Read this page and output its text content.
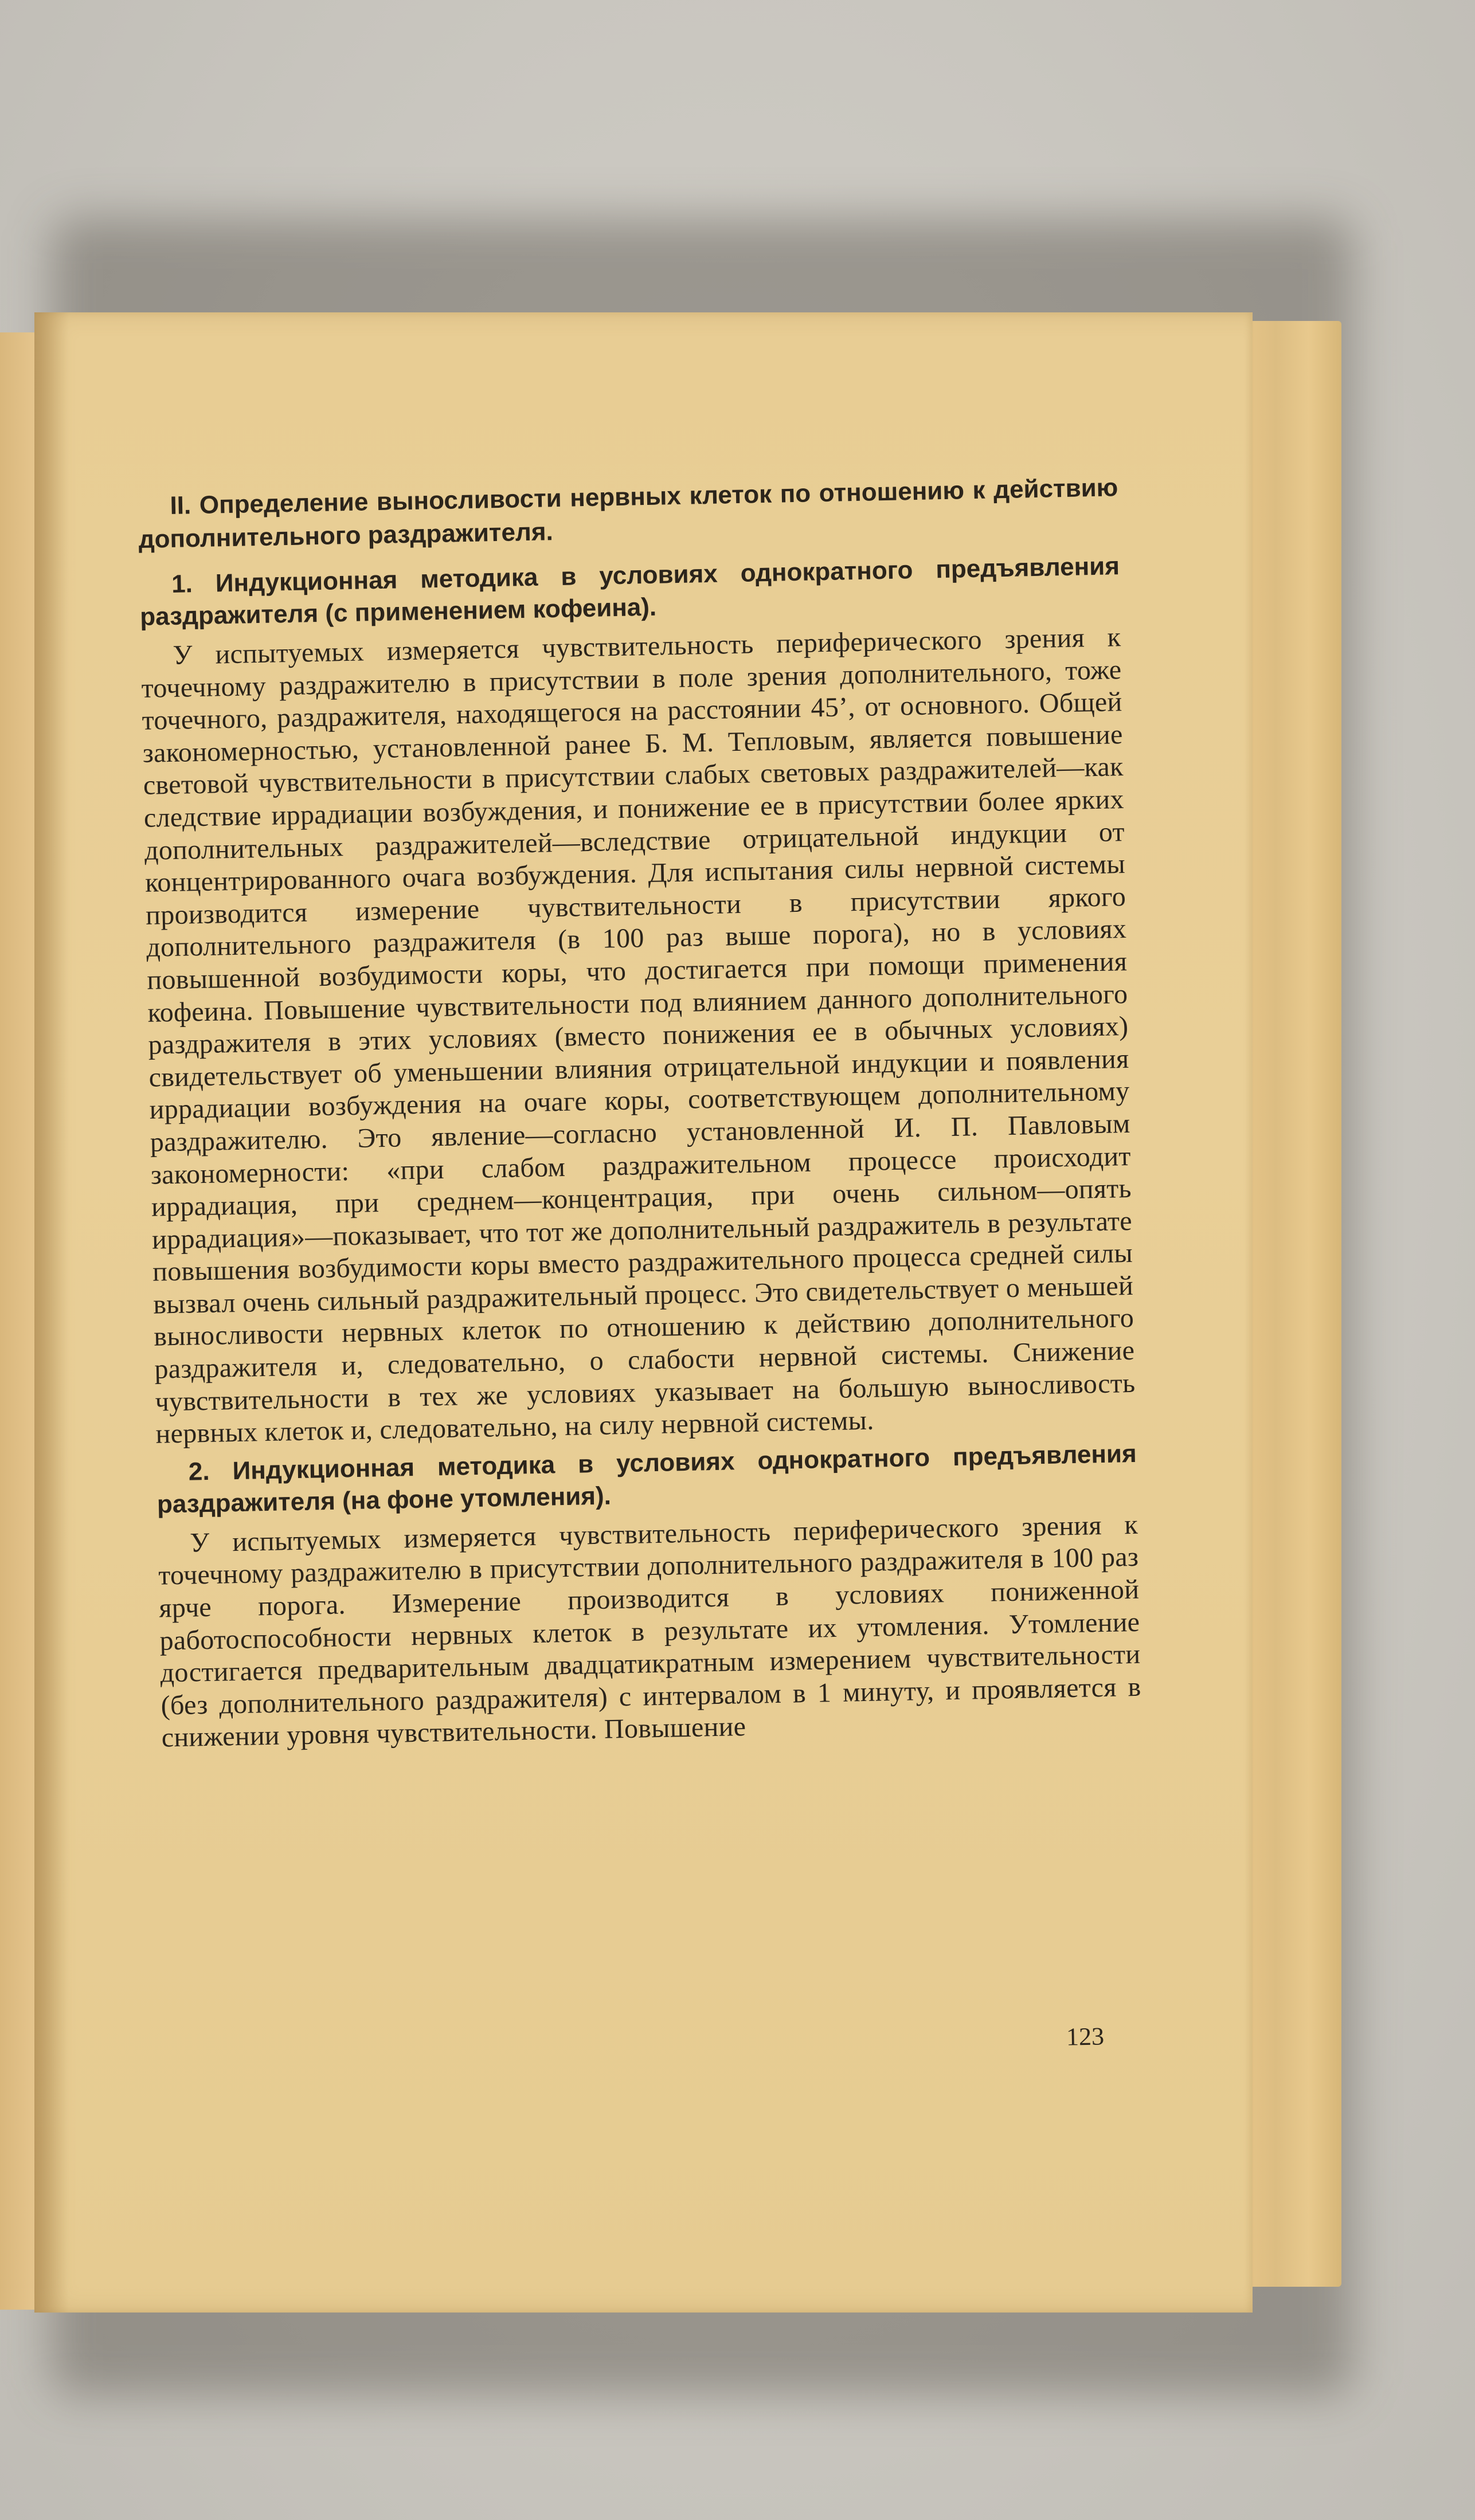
II. Определение выносливости нервных клеток по отношению к действию дополнительного раздражителя.
1. Индукционная методика в условиях однократного предъявления раздражителя (с применением кофеина).
У испытуемых измеряется чувствительность периферического зрения к точечному раздражителю в присутствии в поле зрения дополнительного, тоже точечного, раздражителя, находящегося на расстоянии 45’, от основного. Общей закономерностью, установленной ранее Б. М. Тепловым, является повышение световой чувствительности в присутствии слабых световых раздражителей—как следствие иррадиации возбуждения, и понижение ее в присутствии более ярких дополнительных раздражителей—вследствие отрицательной индукции от концентрированного очага возбуждения. Для испытания силы нервной системы производится измерение чувствительности в присутствии яркого дополнительного раздражителя (в 100 раз выше порога), но в условиях повышенной возбудимости коры, что достигается при помощи применения кофеина. Повышение чувствительности под влиянием данного дополнительного раздражителя в этих условиях (вместо понижения ее в обычных условиях) свидетельствует об уменьшении влияния отрицательной индукции и появления иррадиации возбуждения на очаге коры, соответствующем дополнительному раздражителю. Это явление—согласно установленной И. П. Павловым закономерности: «при слабом раздражительном процессе происходит иррадиация, при среднем—концентрация, при очень сильном—опять иррадиация»—показывает, что тот же дополнительный раздражитель в результате повышения возбудимости коры вместо раздражительного процесса средней силы вызвал очень сильный раздражительный процесс. Это свидетельствует о меньшей выносливости нервных клеток по отношению к действию дополнительного раздражителя и, следовательно, о слабости нервной системы. Снижение чувствительности в тех же условиях указывает на большую выносливость нервных клеток и, следовательно, на силу нервной системы.
2. Индукционная методика в условиях однократного предъявления раздражителя (на фоне утомления).
У испытуемых измеряется чувствительность периферического зрения к точечному раздражителю в присутствии дополнительного раздражителя в 100 раз ярче порога. Измерение производится в условиях пониженной работоспособности нервных клеток в результате их утомления. Утомление достигается предварительным двадцатикратным измерением чувствительности (без дополнительного раздражителя) с интервалом в 1 минуту, и проявляется в снижении уровня чувствительности. Повышение
123
